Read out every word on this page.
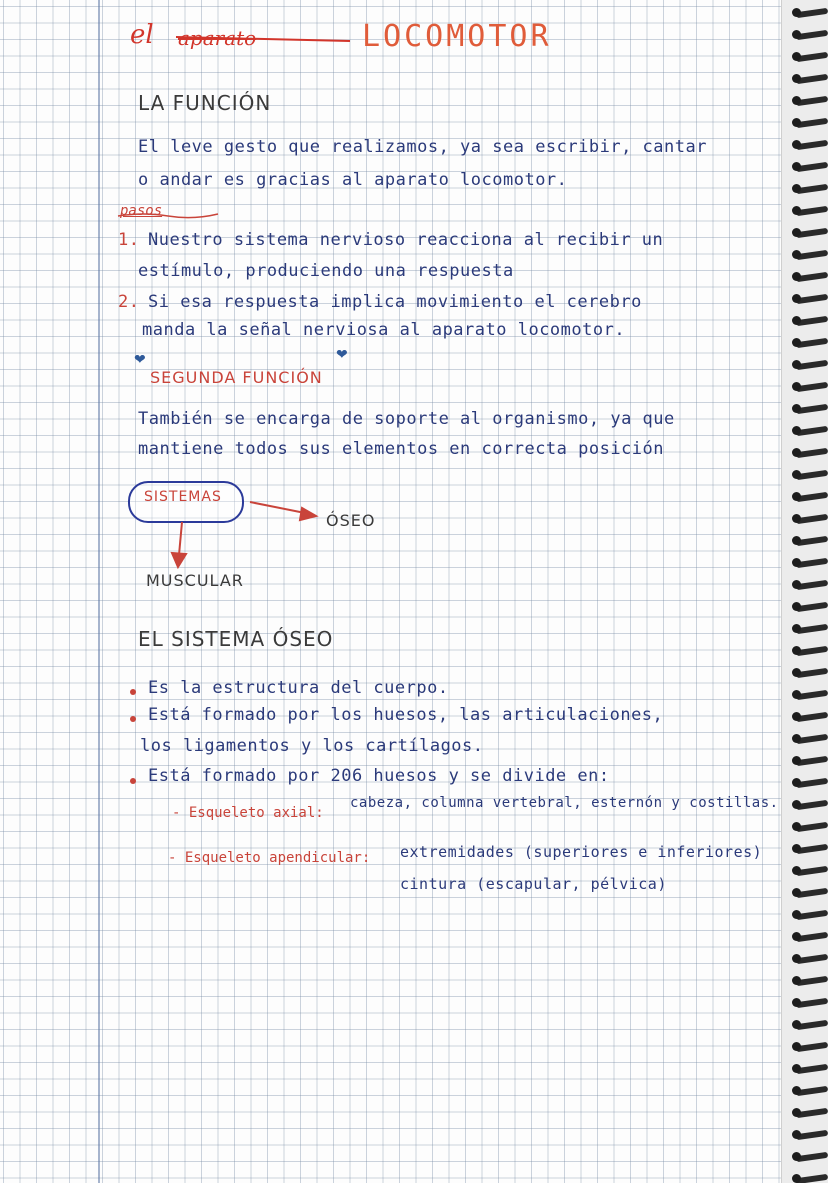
el aparato	LOCOMOTOR
LA FUNCIÓN
El leve gesto que realizamos, ya sea escribir, cantar
o andar es gracias al aparato locomotor.
pasos
1. Nuestro sistema nervioso reacciona al recibir un
estímulo, produciendo una respuesta
2. Si esa respuesta implica movimiento el cerebro
manda la señal nerviosa al aparato locomotor.
❤	❤
SEGUNDA FUNCIÓN
También se encarga de soporte al organismo, ya que
mantiene todos sus elementos en correcta posición
SISTEMAS
ÓSEO
MUSCULAR
EL SISTEMA ÓSEO
Es la estructura del cuerpo.
Está formado por los huesos, las articulaciones,
los ligamentos y los cartílagos.
Está formado por 206 huesos y se divide en:
- Esqueleto axial:
cabeza, columna vertebral, esternón y costillas.
- Esqueleto apendicular: extremidades (superiores e inferiores)
cintura (escapular, pélvica)
